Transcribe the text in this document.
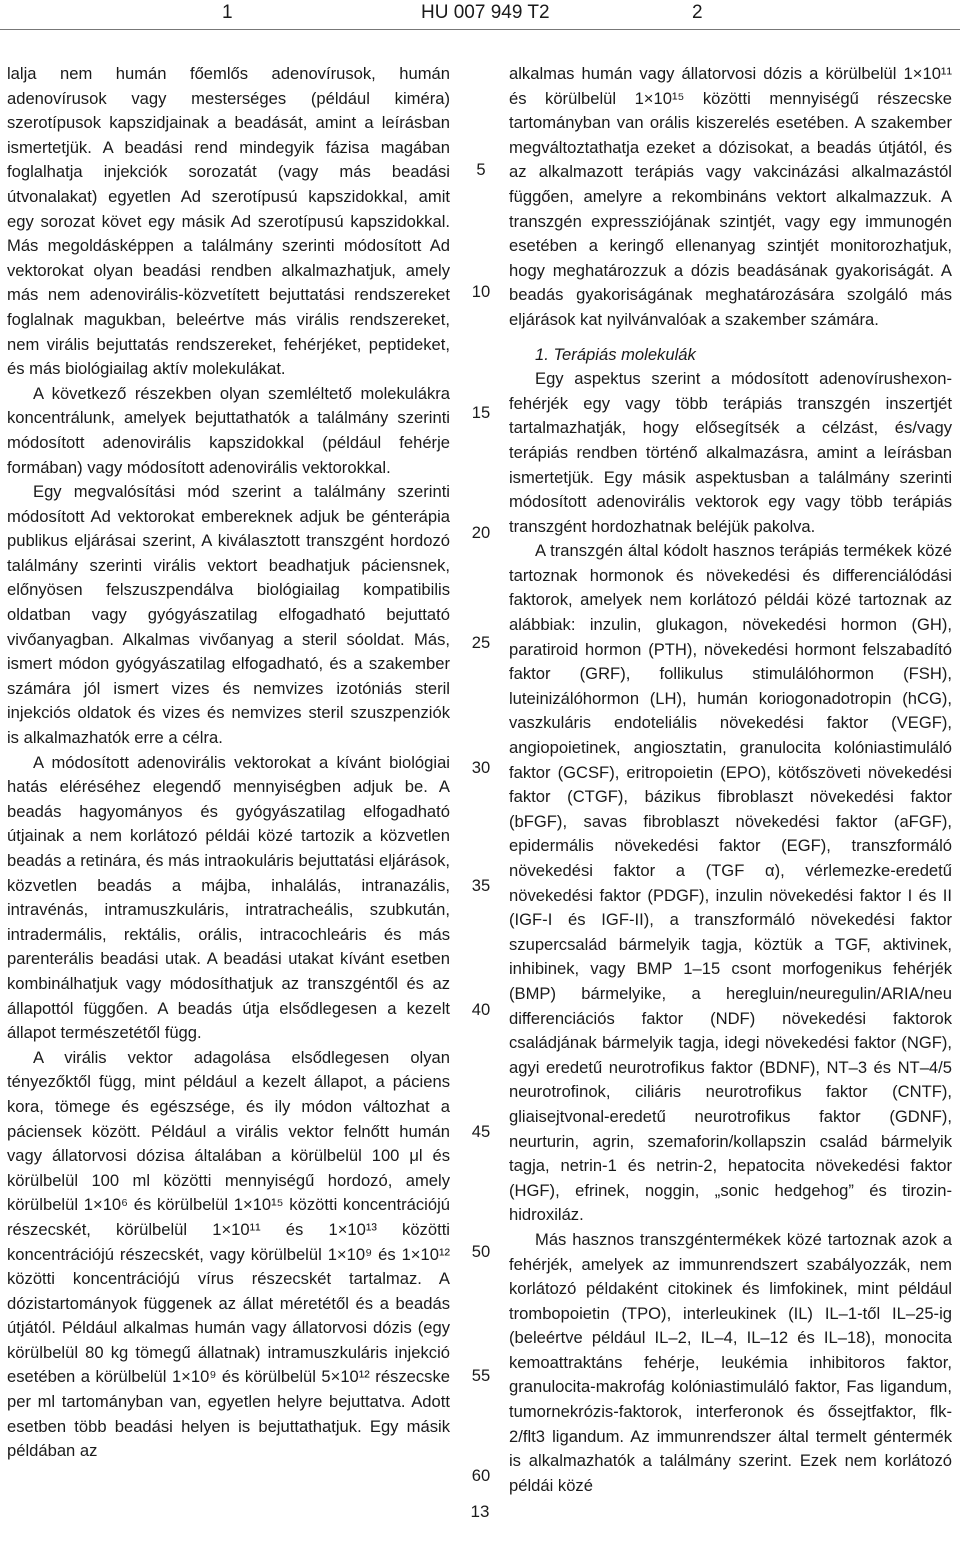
1	HU 007 949 T2	2

lalja nem humán főemlős adenovírusok, humán adenovírusok vagy mesterséges (például kiméra) szerotípusok kapszidjainak a beadását, amint a leírásban ismertetjük. A beadási rend mindegyik fázisa magában foglalhatja injekciók sorozatát (vagy más beadási útvonalakat) egyetlen Ad szerotípusú kapszidokkal, amit egy sorozat követ egy másik Ad szerotípusú kapszidokkal. Más megoldásképpen a találmány szerinti módosított Ad vektorokat olyan beadási rendben alkalmazhatjuk, amely más nem adenovirális-közvetített bejuttatási rendszereket foglalnak magukban, beleértve más virális rendszereket, nem virális bejuttatás rendszereket, fehérjéket, peptideket, és más biológiailag aktív molekulákat.

A következő részekben olyan szemléltető molekulákra koncentrálunk, amelyek bejuttathatók a találmány szerinti módosított adenovirális kapszidokkal (például fehérje formában) vagy módosított adenovirális vektorokkal.

Egy megvalósítási mód szerint a találmány szerinti módosított Ad vektorokat embereknek adjuk be génterápia publikus eljárásai szerint, A kiválasztott transzgént hordozó találmány szerinti virális vektort beadhatjuk páciensnek, előnyösen felszuszpendálva biológiailag kompatibilis oldatban vagy gyógyászatilag elfogadható bejuttató vivőanyagban. Alkalmas vivőanyag a steril sóoldat. Más, ismert módon gyógyászatilag elfogadható, és a szakember számára jól ismert vizes és nemvizes izotóniás steril injekciós oldatok és vizes és nemvizes steril szuszpenziók is alkalmazhatók erre a célra.

A módosított adenovirális vektorokat a kívánt biológiai hatás eléréséhez elegendő mennyiségben adjuk be. A beadás hagyományos és gyógyászatilag elfogadható útjainak a nem korlátozó példái közé tartozik a közvetlen beadás a retinára, és más intraokuláris bejuttatási eljárások, közvetlen beadás a májba, inhalálás, intranazális, intravénás, intramuszkuláris, intratracheális, szubkután, intradermális, rektális, orális, intracochleáris és más parenterális beadási utak. A beadási utakat kívánt esetben kombinálhatjuk vagy módosíthatjuk az transzgéntől és az állapottól függően. A beadás útja elsődlegesen a kezelt állapot természetétől függ.

A virális vektor adagolása elsődlegesen olyan tényezőktől függ, mint például a kezelt állapot, a páciens kora, tömege és egészsége, és ily módon változhat a páciensek között. Például a virális vektor felnőtt humán vagy állatorvosi dózisa általában a körülbelül 100 μl és körülbelül 100 ml közötti mennyiségű hordozó, amely körülbelül 1×10⁶ és körülbelül 1×10¹⁵ közötti koncentrációjú részecskét, körülbelül 1×10¹¹ és 1×10¹³ közötti koncentrációjú részecskét, vagy körülbelül 1×10⁹ és 1×10¹² közötti koncentrációjú vírus részecskét tartalmaz. A dózistartományok függenek az állat méretétől és a beadás útjától. Például alkalmas humán vagy állatorvosi dózis (egy körülbelül 80 kg tömegű állatnak) intramuszkuláris injekció esetében a körülbelül 1×10⁹ és körülbelül 5×10¹² részecske per ml tartományban van, egyetlen helyre bejuttatva. Adott esetben több beadási helyen is bejuttathatjuk. Egy másik példában az

5
10
15
20
25
30
35
40
45
50
55
60

alkalmas humán vagy állatorvosi dózis a körülbelül 1×10¹¹ és körülbelül 1×10¹⁵ közötti mennyiségű részecske tartományban van orális kiszerelés esetében. A szakember megváltoztathatja ezeket a dózisokat, a beadás útjától, és az alkalmazott terápiás vagy vakcinázási alkalmazástól függően, amelyre a rekombináns vektort alkalmazzuk. A transzgén expressziójának szintjét, vagy egy immunogén esetében a keringő ellenanyag szintjét monitorozhatjuk, hogy meghatározzuk a dózis beadásának gyakoriságát. A beadás gyakoriságának meghatározására szolgáló más eljárások kat nyilvánvalóak a szakember számára.

1. Terápiás molekulák

Egy aspektus szerint a módosított adenovírushexon-fehérjék egy vagy több terápiás transzgén inszertjét tartalmazhatják, hogy elősegítsék a célzást, és/vagy terápiás rendben történő alkalmazásra, amint a leírásban ismertetjük. Egy másik aspektusban a találmány szerinti módosított adenovirális vektorok egy vagy több terápiás transzgént hordozhatnak beléjük pakolva.

A transzgén által kódolt hasznos terápiás termékek közé tartoznak hormonok és növekedési és differenciálódási faktorok, amelyek nem korlátozó példái közé tartoznak az alábbiak: inzulin, glukagon, növekedési hormon (GH), paratiroid hormon (PTH), növekedési hormont felszabadító faktor (GRF), follikulus stimulálóhormon (FSH), luteinizálóhormon (LH), humán koriogonadotropin (hCG), vaszkuláris endoteliális növekedési faktor (VEGF), angiopoietinek, angiosztatin, granulocita kolóniastimuláló faktor (GCSF), eritropoietin (EPO), kötőszöveti növekedési faktor (CTGF), bázikus fibroblaszt növekedési faktor (bFGF), savas fibroblaszt növekedési faktor (aFGF), epidermális növekedési faktor (EGF), transzformáló növekedési faktor a (TGF α), vérlemezke-eredetű növekedési faktor (PDGF), inzulin növekedési faktor I és II (IGF-I és IGF-II), a transzformáló növekedési faktor szupercsalád bármelyik tagja, köztük a TGF, aktivinek, inhibinek, vagy BMP 1–15 csont morfogenikus fehérjék (BMP) bármelyike, a heregluin/neuregulin/ARIA/neu differenciációs faktor (NDF) növekedési faktorok családjának bármelyik tagja, idegi növekedési faktor (NGF), agyi eredetű neurotrofikus faktor (BDNF), NT–3 és NT–4/5 neurotrofinok, ciliáris neurotrofikus faktor (CNTF), gliaisejtvonal-eredetű neurotrofikus faktor (GDNF), neurturin, agrin, szemaforin/kollapszin család bármelyik tagja, netrin-1 és netrin-2, hepatocita növekedési faktor (HGF), efrinek, noggin, „sonic hedgehog” és tirozin-hidroxiláz.

Más hasznos transzgéntermékek közé tartoznak azok a fehérjék, amelyek az immunrendszert szabályozzák, nem korlátozó példaként citokinek és limfokinek, mint például trombopoietin (TPO), interleukinek (IL) IL–1-től IL–25-ig (beleértve például IL–2, IL–4, IL–12 és IL–18), monocita kemoattraktáns fehérje, leukémia inhibitoros faktor, granulocita-makrofág kolóniastimuláló faktor, Fas ligandum, tumornekrózis-faktorok, interferonok és őssejtfaktor, flk-2/flt3 ligandum. Az immunrendszer által termelt géntermék is alkalmazhatók a találmány szerint. Ezek nem korlátozó példái közé

13
